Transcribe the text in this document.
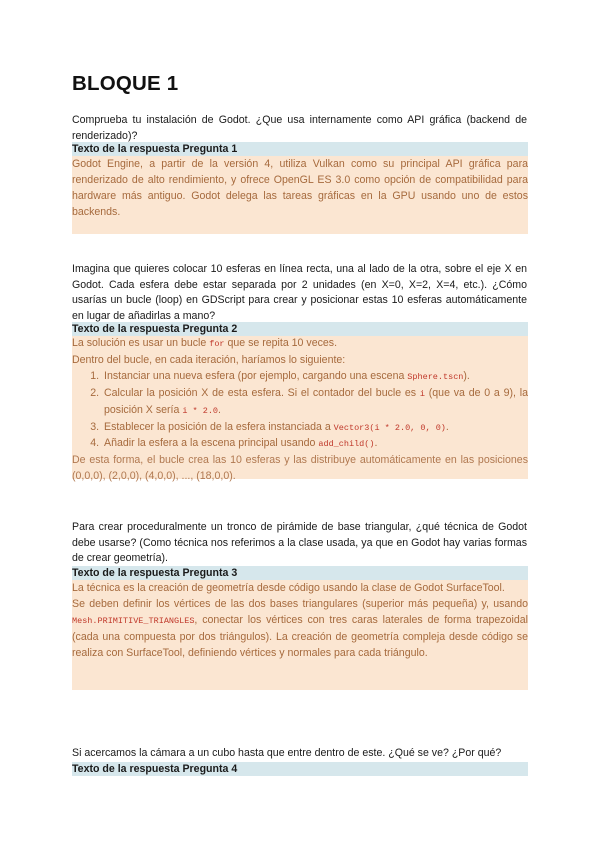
BLOQUE 1
Comprueba tu instalación de Godot. ¿Que usa internamente como API gráfica (backend de renderizado)?
Texto de la respuesta Pregunta 1

Godot Engine, a partir de la versión 4, utiliza Vulkan como su principal API gráfica para renderizado de alto rendimiento, y ofrece OpenGL ES 3.0 como opción de compatibilidad para hardware más antiguo. Godot delega las tareas gráficas en la GPU usando uno de estos backends.

Imagina que quieres colocar 10 esferas en línea recta, una al lado de la otra, sobre el eje X en Godot. Cada esfera debe estar separada por 2 unidades (en X=0, X=2, X=4, etc.). ¿Cómo usarías un bucle (loop) en GDScript para crear y posicionar estas 10 esferas automáticamente en lugar de añadirlas a mano?
Texto de la respuesta Pregunta 2

La solución es usar un bucle for que se repita 10 veces.

Dentro del bucle, en cada iteración, haríamos lo siguiente:

1. Instanciar una nueva esfera (por ejemplo, cargando una escena Sphere.tscn).
2. Calcular la posición X de esta esfera. Si el contador del bucle es i (que va de 0 a 9), la posición X sería i * 2.0.
3. Establecer la posición de la esfera instanciada a Vector3(i * 2.0, 0, 0).
4. Añadir la esfera a la escena principal usando add_child().

De esta forma, el bucle crea las 10 esferas y las distribuye automáticamente en las posiciones (0,0,0), (2,0,0), (4,0,0), ..., (18,0,0).

Para crear proceduralmente un tronco de pirámide de base triangular, ¿qué técnica de Godot debe usarse? (Como técnica nos referimos a la clase usada, ya que en Godot hay varias formas de crear geometría).
Texto de la respuesta Pregunta 3

La técnica es la creación de geometría desde código usando la clase de Godot SurfaceTool.

Se deben definir los vértices de las dos bases triangulares (superior más pequeña) y, usando Mesh.PRIMITIVE_TRIANGLES, conectar los vértices con tres caras laterales de forma trapezoidal (cada una compuesta por dos triángulos). La creación de geometría compleja desde código se realiza con SurfaceTool, definiendo vértices y normales para cada triángulo.

Si acercamos la cámara a un cubo hasta que entre dentro de este. ¿Qué se ve? ¿Por qué?
Texto de la respuesta Pregunta 4
